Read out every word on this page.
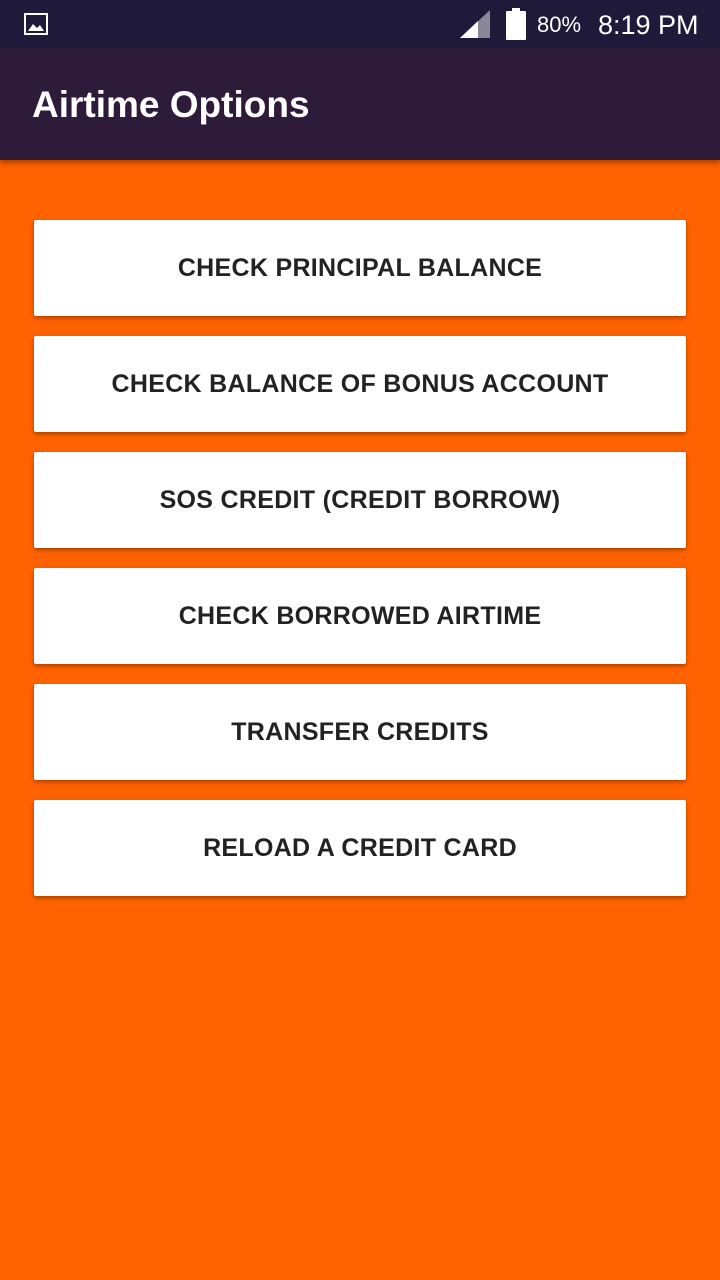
80% 8:19 PM
Airtime Options
CHECK PRINCIPAL BALANCE
CHECK BALANCE OF BONUS ACCOUNT
SOS CREDIT (CREDIT BORROW)
CHECK BORROWED AIRTIME
TRANSFER CREDITS
RELOAD A CREDIT CARD
